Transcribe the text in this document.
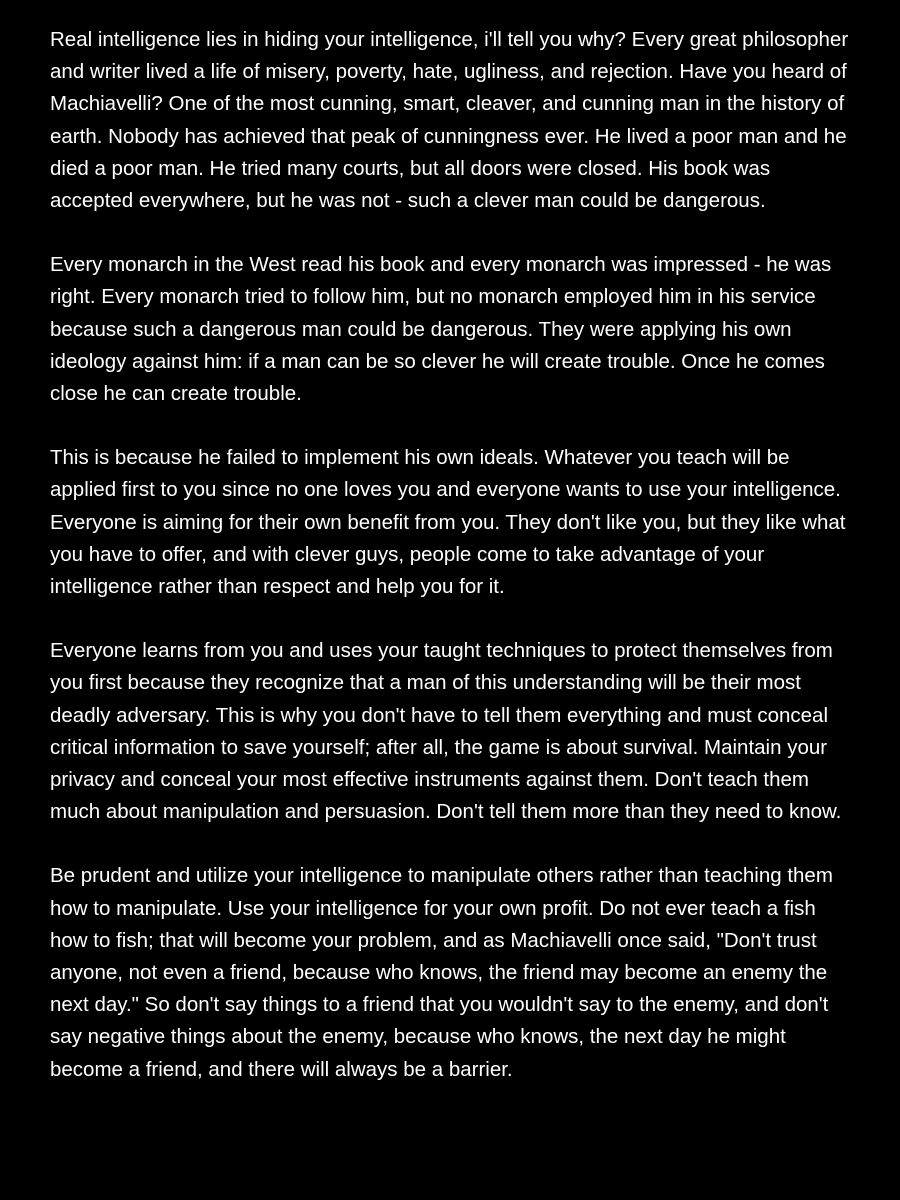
Real intelligence lies in hiding your intelligence, i'll tell you why? Every great philosopher and writer lived a life of misery, poverty, hate, ugliness, and rejection. Have you heard of Machiavelli? One of the most cunning, smart, cleaver, and cunning man in the history of earth. Nobody has achieved that peak of cunningness ever. He lived a poor man and he died a poor man. He tried many courts, but all doors were closed. His book was accepted everywhere, but he was not - such a clever man could be dangerous.

Every monarch in the West read his book and every monarch was impressed - he was right. Every monarch tried to follow him, but no monarch employed him in his service because such a dangerous man could be dangerous. They were applying his own ideology against him: if a man can be so clever he will create trouble. Once he comes close he can create trouble.

This is because he failed to implement his own ideals. Whatever you teach will be applied first to you since no one loves you and everyone wants to use your intelligence. Everyone is aiming for their own benefit from you. They don't like you, but they like what you have to offer, and with clever guys, people come to take advantage of your intelligence rather than respect and help you for it.

Everyone learns from you and uses your taught techniques to protect themselves from you first because they recognize that a man of this understanding will be their most deadly adversary. This is why you don't have to tell them everything and must conceal critical information to save yourself; after all, the game is about survival. Maintain your privacy and conceal your most effective instruments against them. Don't teach them much about manipulation and persuasion. Don't tell them more than they need to know.

Be prudent and utilize your intelligence to manipulate others rather than teaching them how to manipulate. Use your intelligence for your own profit. Do not ever teach a fish how to fish; that will become your problem, and as Machiavelli once said, "Don't trust anyone, not even a friend, because who knows, the friend may become an enemy the next day." So don't say things to a friend that you wouldn't say to the enemy, and don't say negative things about the enemy, because who knows, the next day he might become a friend, and there will always be a barrier.
